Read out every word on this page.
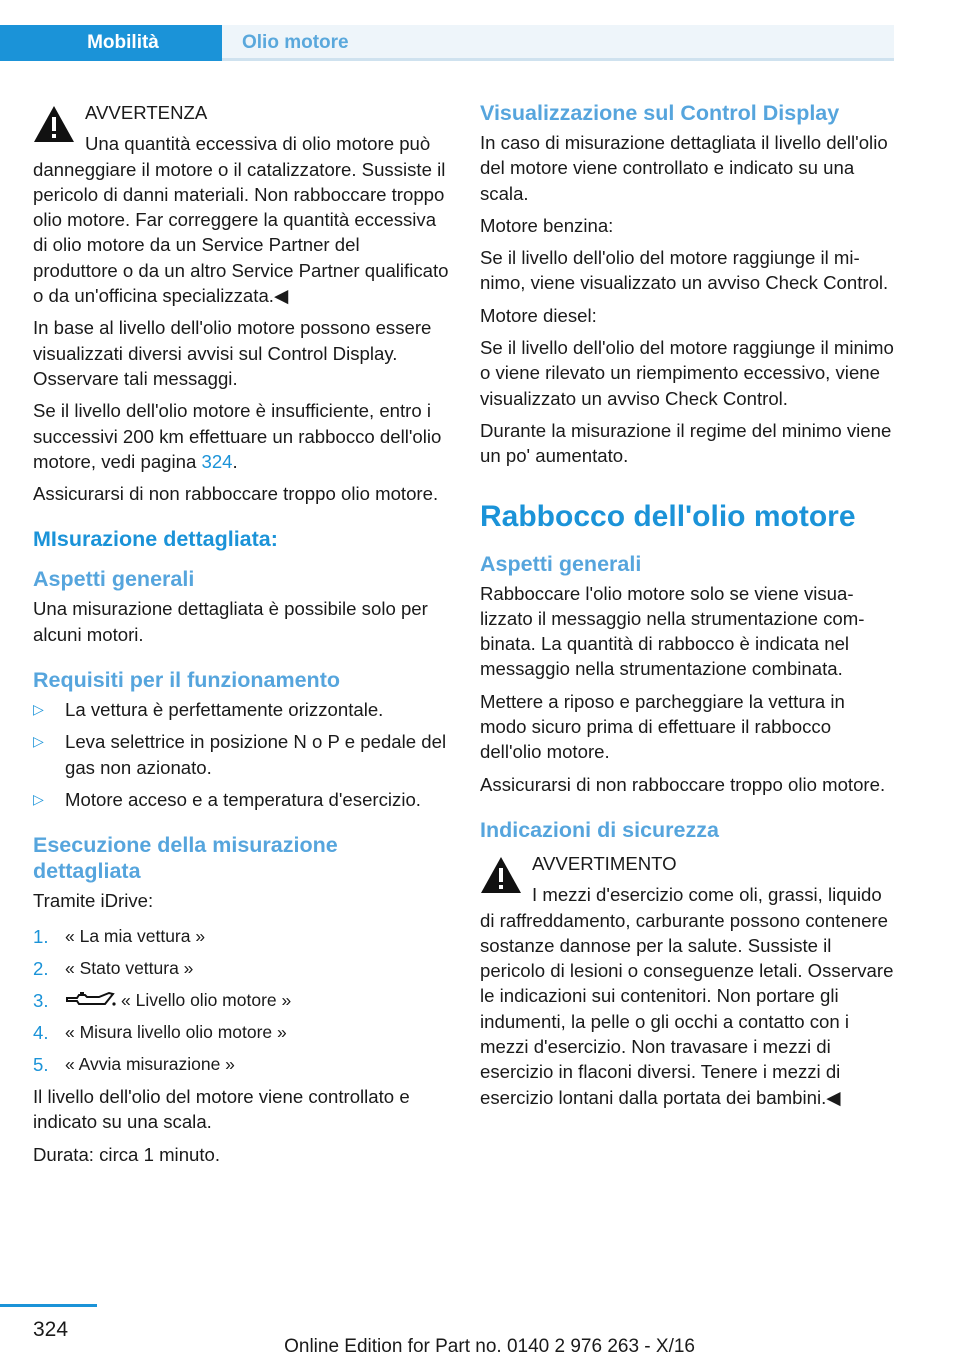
Mobilità	Olio motore

AVVERTENZA

Una quantità eccessiva di olio motore può danneggiare il motore o il catalizzatore. Sussiste il pericolo di danni materiali. Non rabboccare troppo olio motore. Far correggere la quantità eccessiva di olio motore da un Service Partner del produttore o da un altro Service Partner qualificato o da un'officina specializzata.◀

In base al livello dell'olio motore possono essere visualizzati diversi avvisi sul Control Display. Osservare tali messaggi.

Se il livello dell'olio motore è insufficiente, entro i successivi 200 km effettuare un rabbocco dell'olio motore, vedi pagina 324.

Assicurarsi di non rabboccare troppo olio motore.

MIsurazione dettagliata:
Aspetti generali

Una misurazione dettagliata è possibile solo per alcuni motori.

Requisiti per il funzionamento
▷ La vettura è perfettamente orizzontale.
▷ Leva selettrice in posizione N o P e pedale del gas non azionato.
▷ Motore acceso e a temperatura d'esercizio.
Esecuzione della misurazione dettagliata

Tramite iDrive:

1. « La mia vettura »
2. « Stato vettura »
3.	« Livello olio motore »
4. « Misura livello olio motore »
5. « Avvia misurazione »

Il livello dell'olio del motore viene controllato e indicato su una scala.

Durata: circa 1 minuto.

Visualizzazione sul Control Display

In caso di misurazione dettagliata il livello dell'olio del motore viene controllato e indicato su una scala.

Motore benzina:

Se il livello dell'olio del motore raggiunge il minimo, viene visualizzato un avviso Check Control.

Motore diesel:

Se il livello dell'olio del motore raggiunge il minimo o viene rilevato un riempimento eccessivo, viene visualizzato un avviso Check Control.

Durante la misurazione il regime del minimo viene un po' aumentato.

Rabbocco dell'olio motore
Aspetti generali

Rabboccare l'olio motore solo se viene visualizzato il messaggio nella strumentazione combinata. La quantità di rabbocco è indicata nel messaggio nella strumentazione combinata.

Mettere a riposo e parcheggiare la vettura in modo sicuro prima di effettuare il rabbocco dell'olio motore.

Assicurarsi di non rabboccare troppo olio motore.

Indicazioni di sicurezza

AVVERTIMENTO

I mezzi d'esercizio come oli, grassi, liquido di raffreddamento, carburante possono contenere sostanze dannose per la salute. Sussiste il pericolo di lesioni o conseguenze letali. Osservare le indicazioni sui contenitori. Non portare gli indumenti, la pelle o gli occhi a contatto con i mezzi d'esercizio. Non travasare i mezzi di esercizio in flaconi diversi. Tenere i mezzi di esercizio lontani dalla portata dei bambini.◀

324
Online Edition for Part no. 0140 2 976 263 - X/16
